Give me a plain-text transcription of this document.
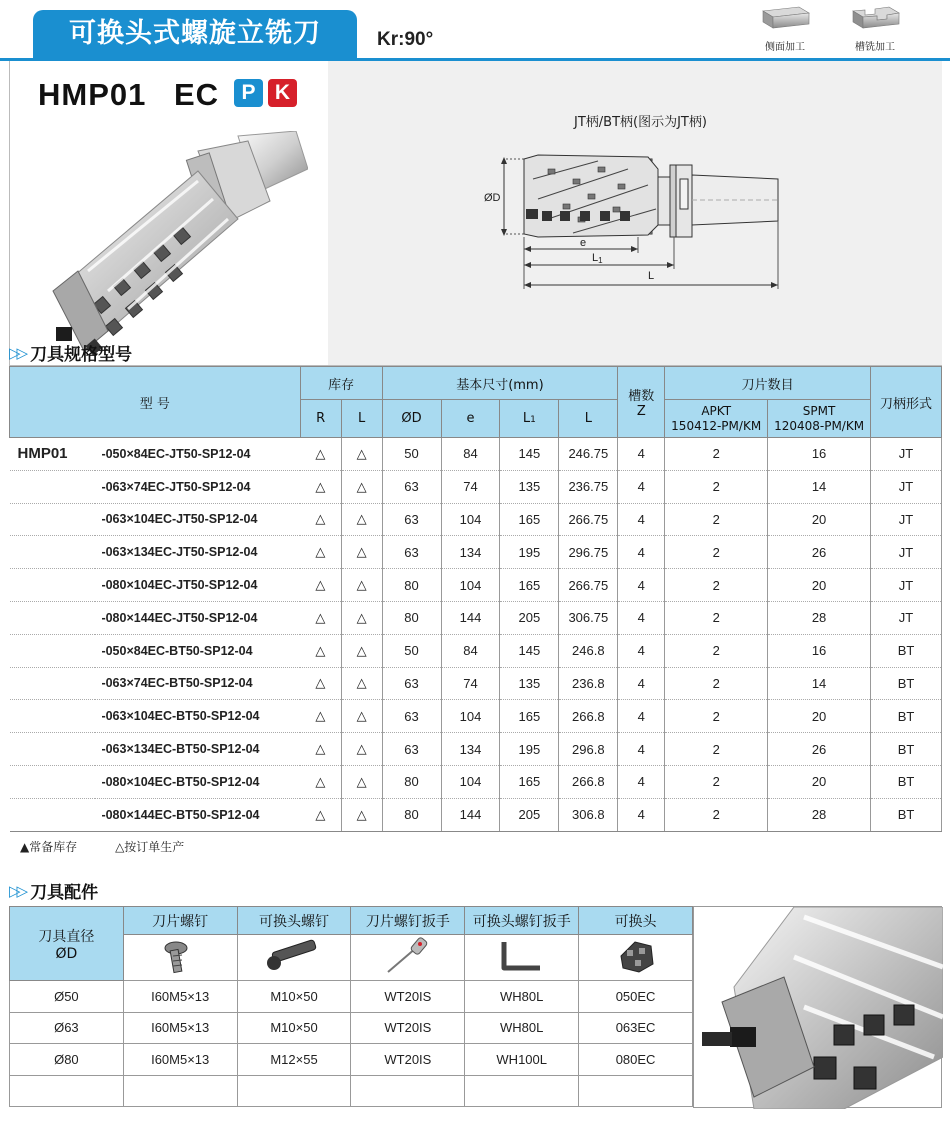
可换头式螺旋立铣刀	Kr:90°	侧面加工	槽铣加工
HMP01 EC	P K
JT柄/BT柄(图示为JT柄)
ØD
e
L1
L
▷▷ 刀具规格型号
型 号		库存		基本尺寸(mm)				槽数
Z	刀片数目		刀柄形式
		R	L	ØD	e	L1	L		APKT
150412-PM/KM	SPMT
120408-PM/KM	
HMP01	-050×84EC-JT50-SP12-04	△	△	50	84	145	246.75	4	2	16	JT
	-063×74EC-JT50-SP12-04	△	△	63	74	135	236.75	4	2	14	JT
	-063×104EC-JT50-SP12-04	△	△	63	104	165	266.75	4	2	20	JT
	-063×134EC-JT50-SP12-04	△	△	63	134	195	296.75	4	2	26	JT
	-080×104EC-JT50-SP12-04	△	△	80	104	165	266.75	4	2	20	JT
	-080×144EC-JT50-SP12-04	△	△	80	144	205	306.75	4	2	28	JT
	-050×84EC-BT50-SP12-04	△	△	50	84	145	246.8	4	2	16	BT
	-063×74EC-BT50-SP12-04	△	△	63	74	135	236.8	4	2	14	BT
	-063×104EC-BT50-SP12-04	△	△	63	104	165	266.8	4	2	20	BT
	-063×134EC-BT50-SP12-04	△	△	63	134	195	296.8	4	2	26	BT
	-080×104EC-BT50-SP12-04	△	△	80	104	165	266.8	4	2	20	BT
	-080×144EC-BT50-SP12-04	△	△	80	144	205	306.8	4	2	28	BT
▲常备库存	△按订单生产
▷▷ 刀具配件
刀具直径
ØD	刀片螺钉	可换头螺钉	刀片螺钉扳手	可换头螺钉扳手	可换头

Ø50	I60M5×13	M10×50	WT20IS	WH80L	050EC
Ø63	I60M5×13	M10×50	WT20IS	WH80L	063EC
Ø80	I60M5×13	M12×55	WT20IS	WH100L	080EC
